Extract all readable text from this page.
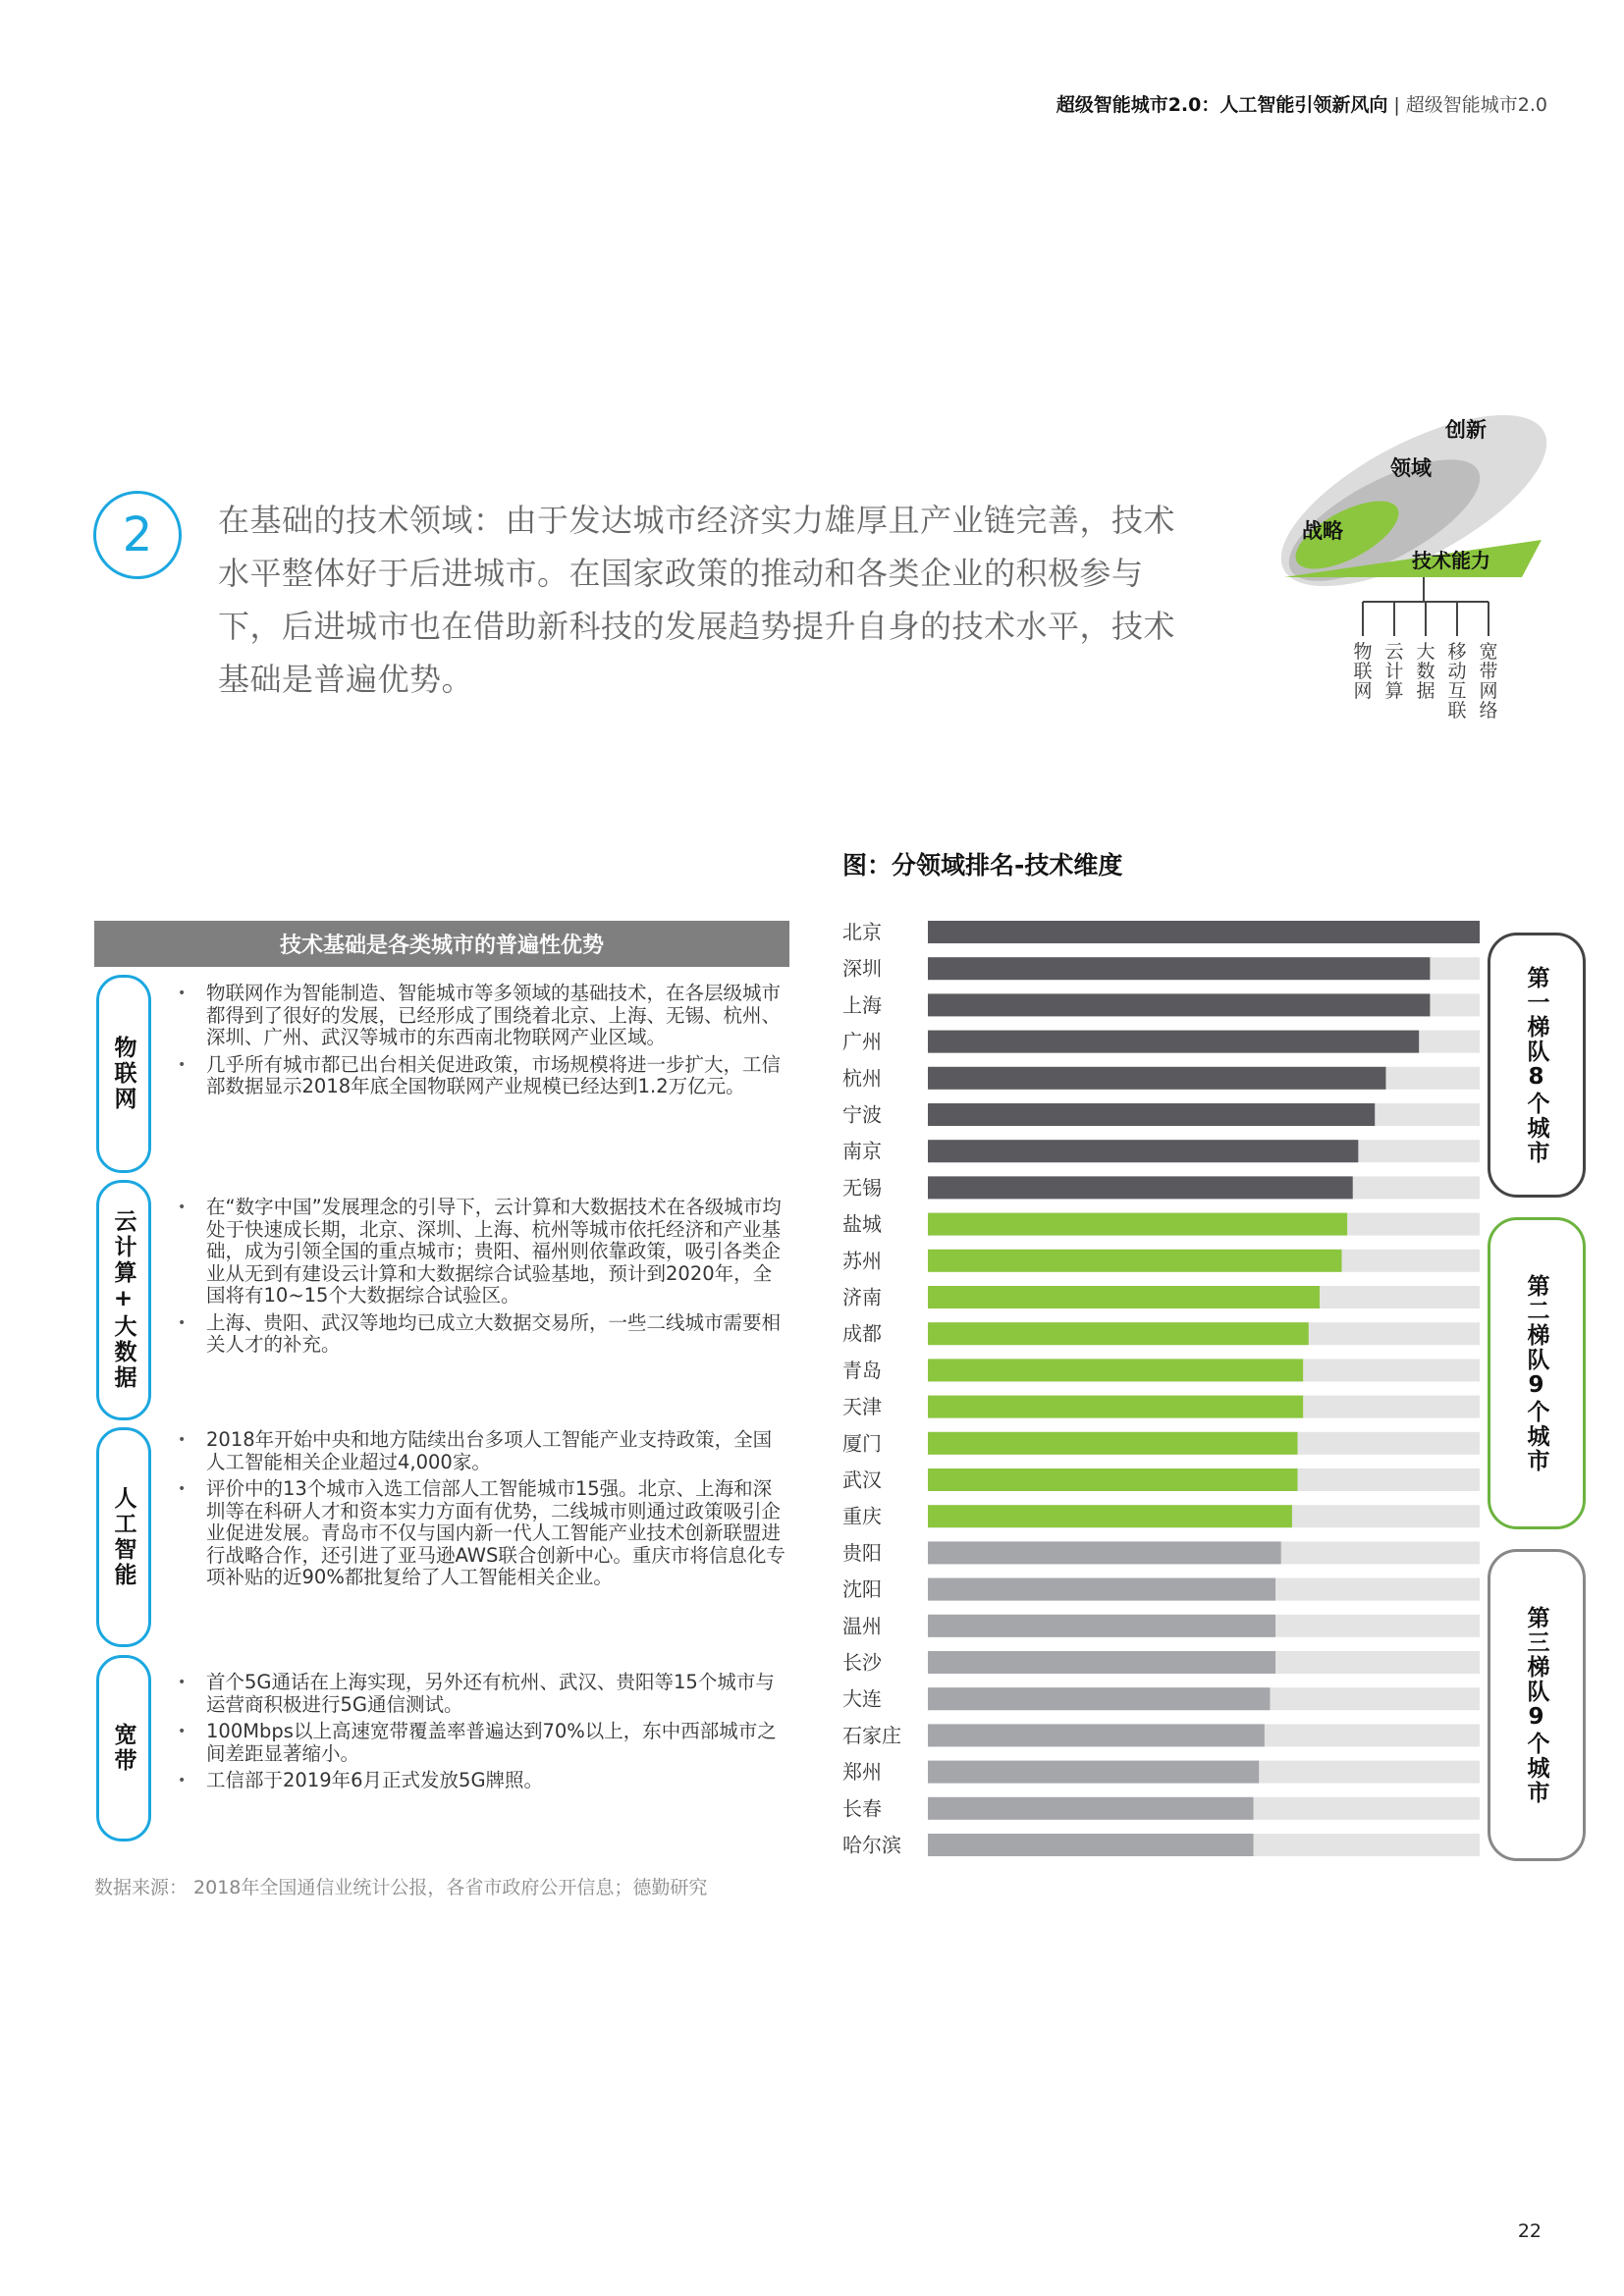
超级智能城市2.0：人工智能引领新风向 | 超级智能城市2.0
2	在基础的技术领域：由于发达城市经济实力雄厚且产业链完善，技术水平整体好于后进城市。在国家政策的推动和各类企业的积极参与下，后进城市也在借助新科技的发展趋势提升自身的技术水平，技术基础是普遍优势。

创新
领域
战略
技术能力
物联网
云计算
大数据
移动互联
宽带网络
图：分领域排名-技术维度
技术基础是各类城市的普遍性优势
物联网
云计算+大数据
人工智能
宽带
• 物联网作为智能制造、智能城市等多领域的基础技术，在各层级城市都得到了很好的发展，已经形成了围绕着北京、上海、无锡、杭州、深圳、广州、武汉等城市的东西南北物联网产业区域。
• 几乎所有城市都已出台相关促进政策，市场规模将进一步扩大，工信部数据显示2018年底全国物联网产业规模已经达到1.2万亿元。
• 在“数字中国”发展理念的引导下，云计算和大数据技术在各级城市均处于快速成长期，北京、深圳、上海、杭州等城市依托经济和产业基础，成为引领全国的重点城市；贵阳、福州则依靠政策，吸引各类企业从无到有建设云计算和大数据综合试验基地，预计到2020年，全国将有10~15个大数据综合试验区。
• 上海、贵阳、武汉等地均已成立大数据交易所，一些二线城市需要相关人才的补充。
• 2018年开始中央和地方陆续出台多项人工智能产业支持政策，全国人工智能相关企业超过4,000家。
• 评价中的13个城市入选工信部人工智能城市15强。北京、上海和深圳等在科研人才和资本实力方面有优势，二线城市则通过政策吸引企业促进发展。青岛市不仅与国内新一代人工智能产业技术创新联盟进行战略合作，还引进了亚马逊AWS联合创新中心。重庆市将信息化专项补贴的近90%都批复给了人工智能相关企业。
• 首个5G通话在上海实现，另外还有杭州、武汉、贵阳等15个城市与运营商积极进行5G通信测试。
• 100Mbps以上高速宽带覆盖率普遍达到70%以上，东中西部城市之间差距显著缩小。
• 工信部于2019年6月正式发放5G牌照。
数据来源： 2018年全国通信业统计公报，各省市政府公开信息；德勤研究
北京
深圳
上海
广州
杭州
宁波
南京
无锡
盐城
苏州
济南
成都
青岛
天津
厦门
武汉
重庆
贵阳
沈阳
温州
长沙
大连
石家庄
郑州
长春
哈尔滨
第一梯队8个城市
第二梯队9个城市
第三梯队9个城市
22
